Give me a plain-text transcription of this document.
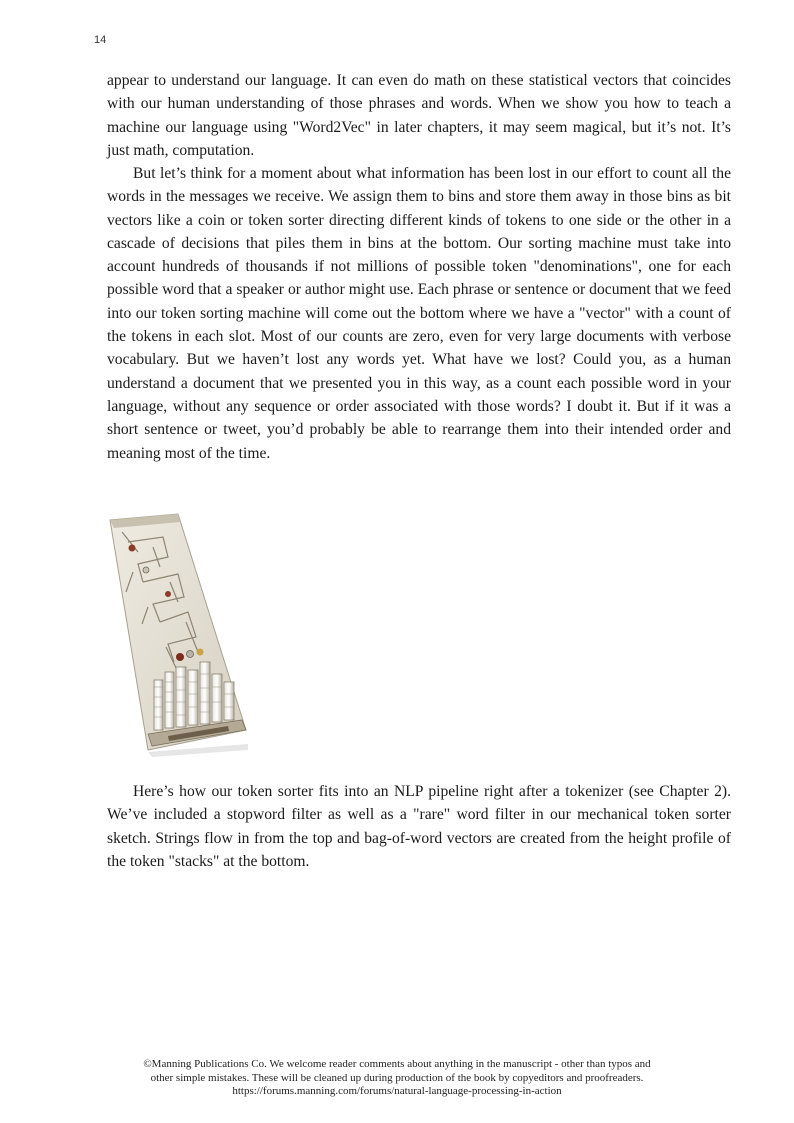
14

appear to understand our language. It can even do math on these statistical vectors that coincides with our human understanding of those phrases and words. When we show you how to teach a machine our language using "Word2Vec" in later chapters, it may seem magical, but it’s not. It’s just math, computation.

But let’s think for a moment about what information has been lost in our effort to count all the words in the messages we receive. We assign them to bins and store them away in those bins as bit vectors like a coin or token sorter directing different kinds of tokens to one side or the other in a cascade of decisions that piles them in bins at the bottom. Our sorting machine must take into account hundreds of thousands if not millions of possible token "denominations", one for each possible word that a speaker or author might use. Each phrase or sentence or document that we feed into our token sorting machine will come out the bottom where we have a "vector" with a count of the tokens in each slot. Most of our counts are zero, even for very large documents with verbose vocabulary. But we haven’t lost any words yet. What have we lost? Could you, as a human understand a document that we presented you in this way, as a count each possible word in your language, without any sequence or order associated with those words? I doubt it. But if it was a short sentence or tweet, you’d probably be able to rearrange them into their intended order and meaning most of the time.

Here’s how our token sorter fits into an NLP pipeline right after a tokenizer (see Chapter 2). We’ve included a stopword filter as well as a "rare" word filter in our mechanical token sorter sketch. Strings flow in from the top and bag-of-word vectors are created from the height profile of the token "stacks" at the bottom.

©Manning Publications Co. We welcome reader comments about anything in the manuscript - other than typos and
other simple mistakes. These will be cleaned up during production of the book by copyeditors and proofreaders.
https://forums.manning.com/forums/natural-language-processing-in-action
